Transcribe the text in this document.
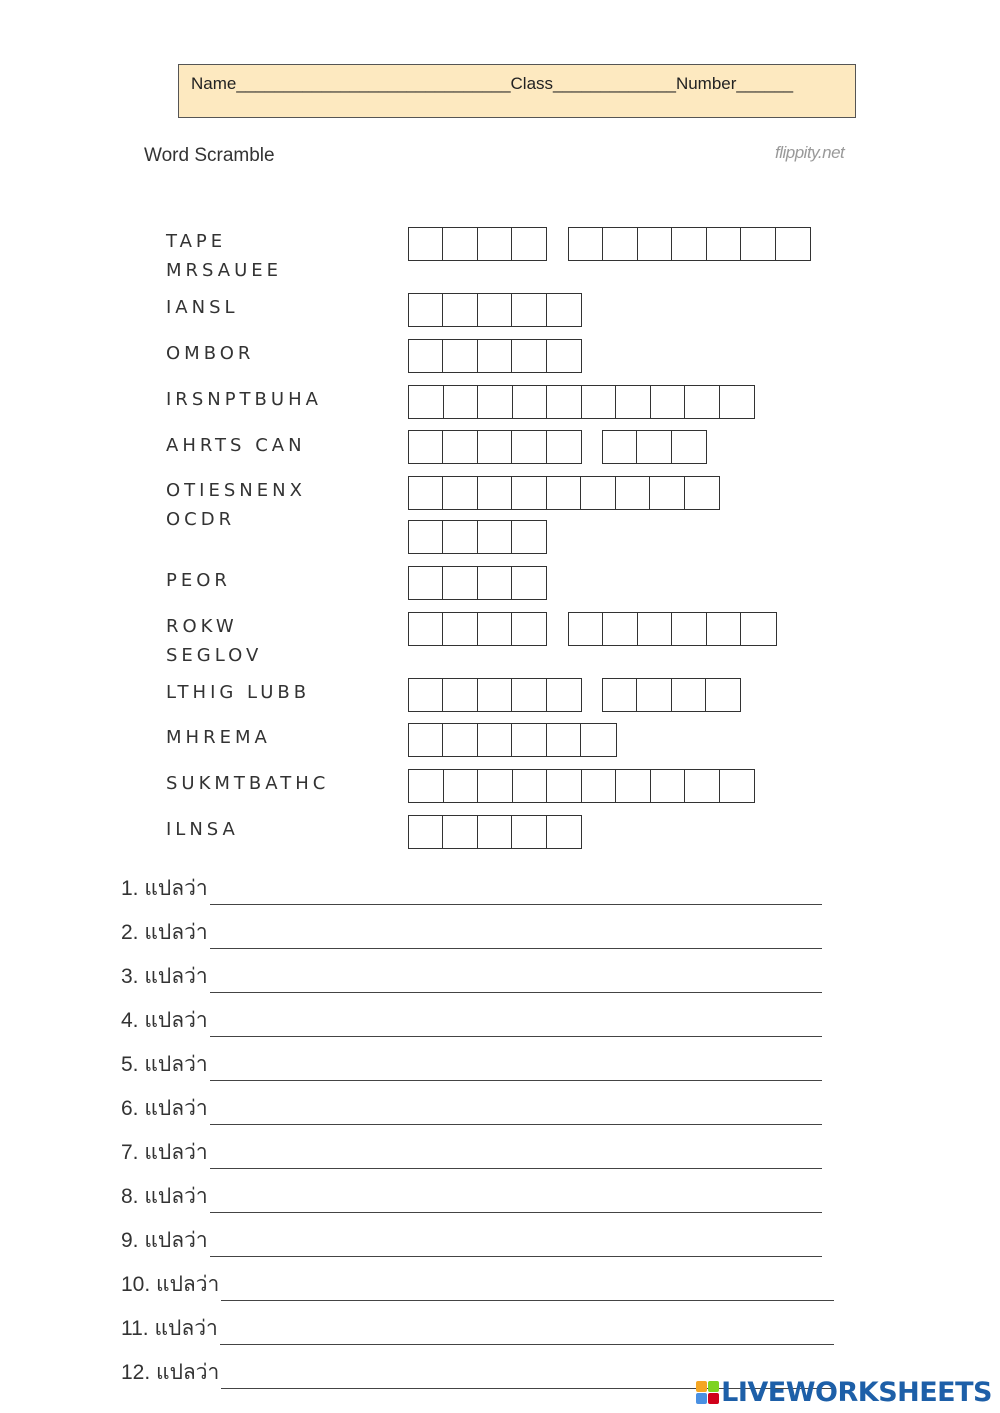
Name_____________________________Class_____________Number______
Word Scramble	flippity.net
TAPE
MRSAUEE
IANSL
OMBOR
IRSNPTBUHA
AHRTS CAN
OTIESNENX
OCDR
PEOR
ROKW
SEGLOV
LTHIG LUBB
MHREMA
SUKMTBATHC
ILNSA
1. แปลว่า
2. แปลว่า
3. แปลว่า
4. แปลว่า
5. แปลว่า
6. แปลว่า
7. แปลว่า
8. แปลว่า
9. แปลว่า
10. แปลว่า
11. แปลว่า
12. แปลว่า
LIVEWORKSHEETS
